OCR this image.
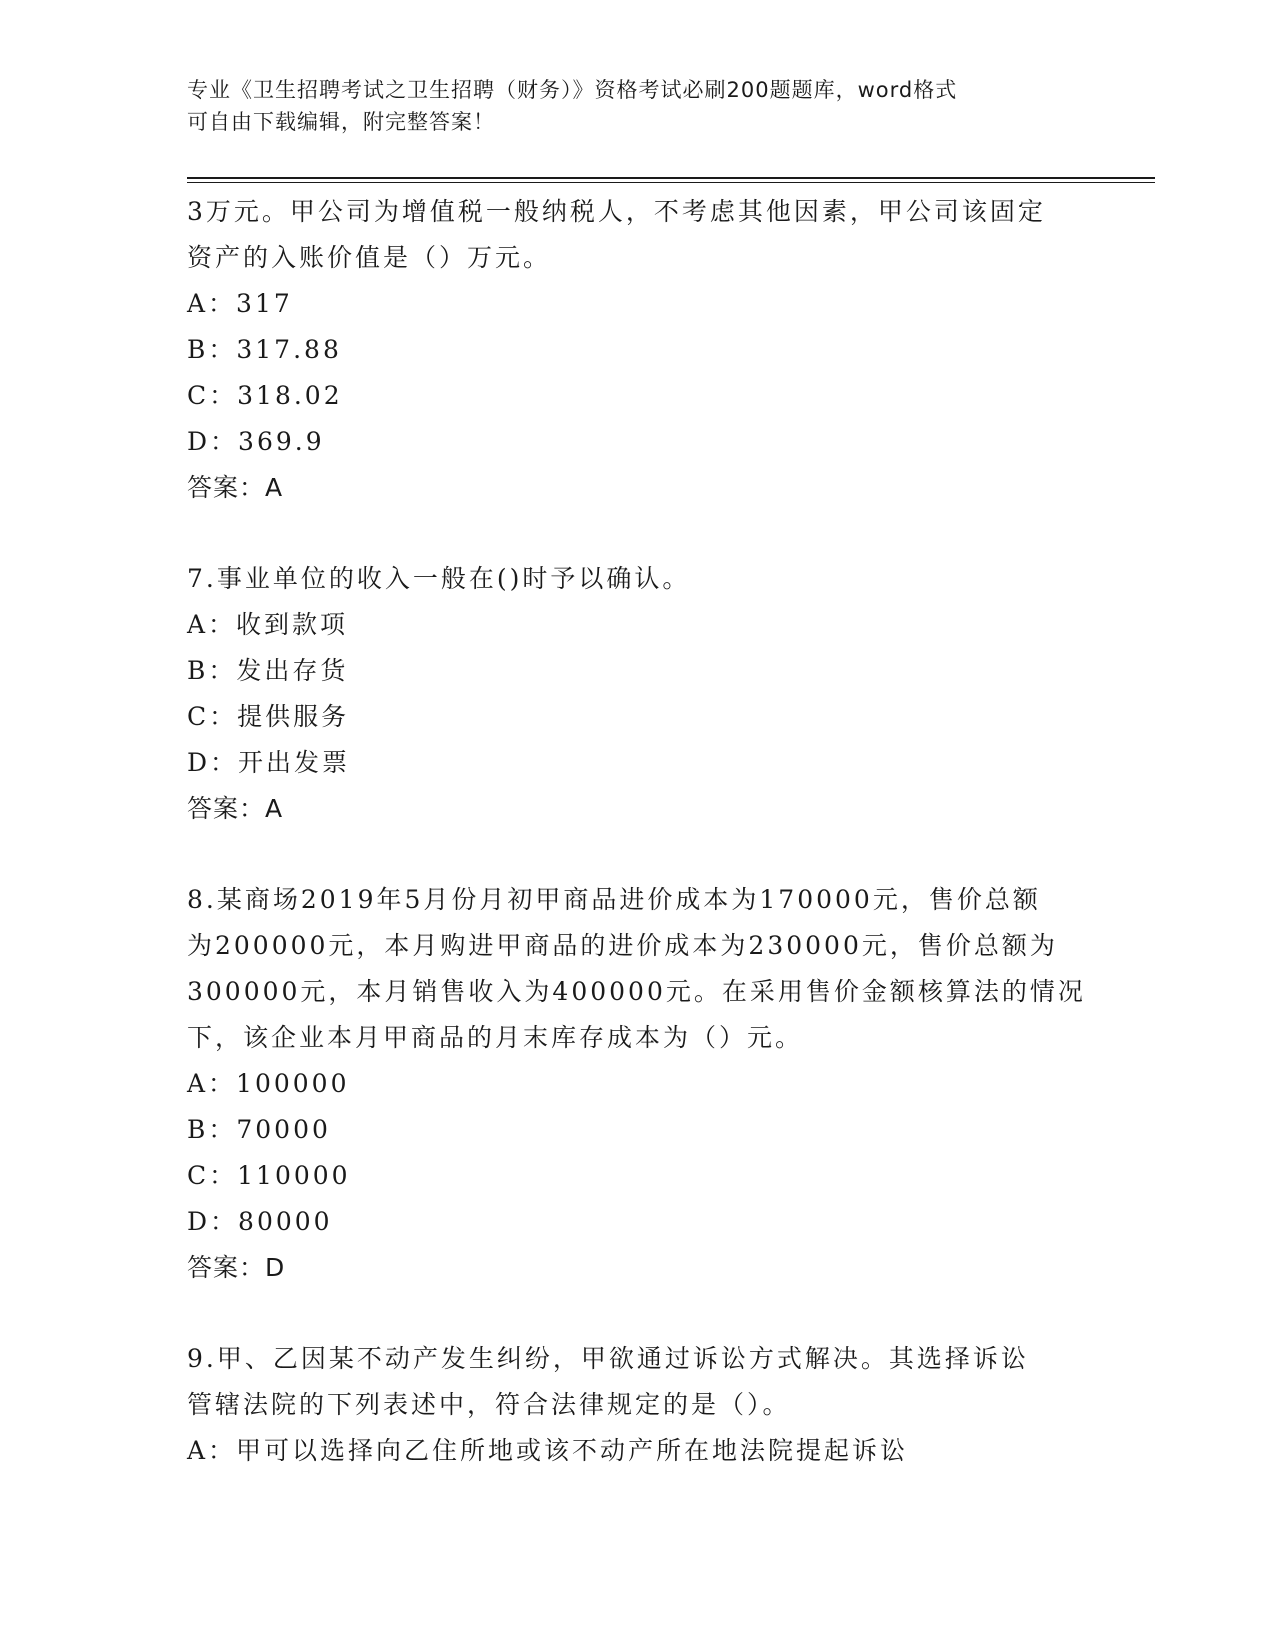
专业《卫生招聘考试之卫生招聘（财务）》资格考试必刷200题题库，word格式
可自由下载编辑，附完整答案！
3万元。甲公司为增值税一般纳税人，不考虑其他因素，甲公司该固定
资产的入账价值是（）万元。
A：317
B：317.88
C：318.02
D：369.9
答案：A
7.事业单位的收入一般在()时予以确认。
A：收到款项
B：发出存货
C：提供服务
D：开出发票
答案：A
8.某商场2019年5月份月初甲商品进价成本为170000元，售价总额
为200000元，本月购进甲商品的进价成本为230000元，售价总额为
300000元，本月销售收入为400000元。在采用售价金额核算法的情况
下，该企业本月甲商品的月末库存成本为（）元。
A：100000
B：70000
C：110000
D：80000
答案：D
9.甲、乙因某不动产发生纠纷，甲欲通过诉讼方式解决。其选择诉讼
管辖法院的下列表述中，符合法律规定的是（）。
A：甲可以选择向乙住所地或该不动产所在地法院提起诉讼
